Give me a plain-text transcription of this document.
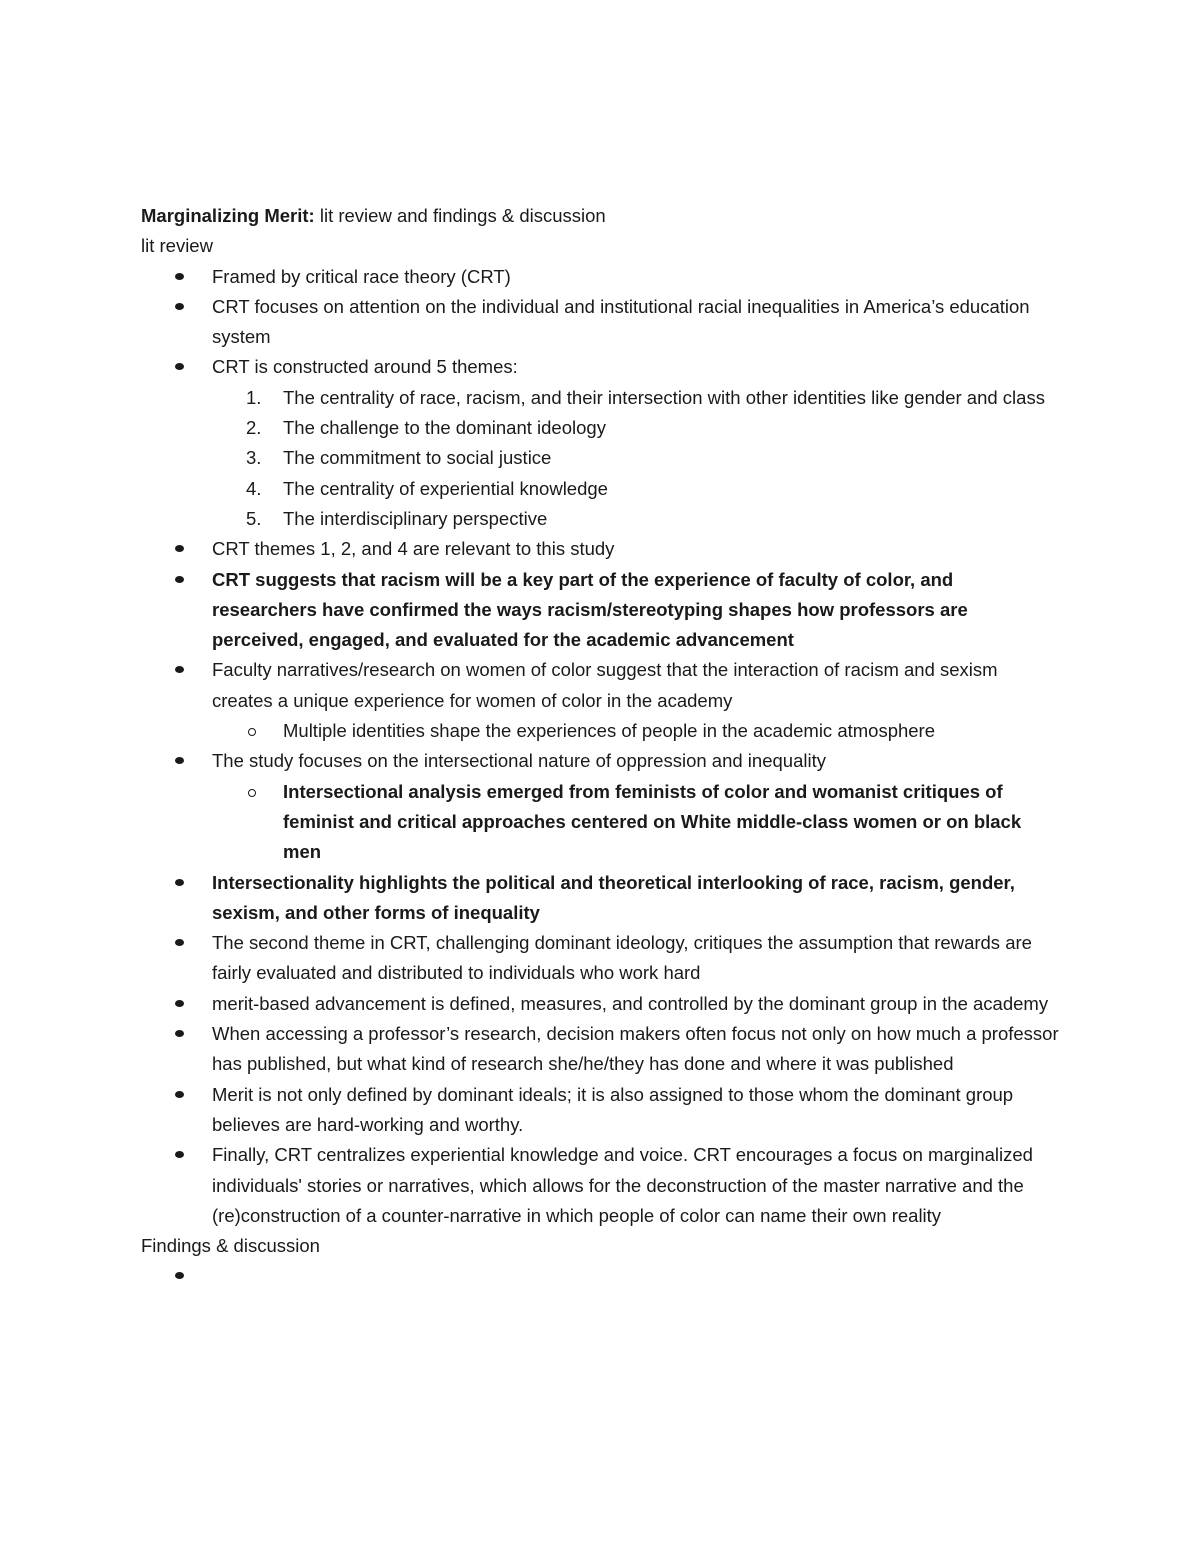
Marginalizing Merit: lit review and findings & discussion

lit review

Framed by critical race theory (CRT)
CRT focuses on attention on the individual and institutional racial inequalities in America’s education system
CRT is constructed around 5 themes:
1. The centrality of race, racism, and their intersection with other identities like gender and class
2. The challenge to the dominant ideology
3. The commitment to social justice
4. The centrality of experiential knowledge
5. The interdisciplinary perspective
CRT themes 1, 2, and 4 are relevant to this study
CRT suggests that racism will be a key part of the experience of faculty of color, and researchers have confirmed the ways racism/stereotyping shapes how professors are perceived, engaged, and evaluated for the academic advancement
Faculty narratives/research on women of color suggest that the interaction of racism and sexism creates a unique experience for women of color in the academy
Multiple identities shape the experiences of people in the academic atmosphere
The study focuses on the intersectional nature of oppression and inequality
Intersectional analysis emerged from feminists of color and womanist critiques of feminist and critical approaches centered on White middle-class women or on black men
Intersectionality highlights the political and theoretical interlooking of race, racism, gender, sexism, and other forms of inequality
The second theme in CRT, challenging dominant ideology, critiques the assumption that rewards are fairly evaluated and distributed to individuals who work hard
merit-based advancement is defined, measures, and controlled by the dominant group in the academy
When accessing a professor’s research, decision makers often focus not only on how much a professor has published, but what kind of research she/he/they has done and where it was published
Merit is not only defined by dominant ideals; it is also assigned to those whom the dominant group believes are hard-working and worthy.
Finally, CRT centralizes experiential knowledge and voice. CRT encourages a focus on marginalized individuals' stories or narratives, which allows for the deconstruction of the master narrative and the (re)construction of a counter-narrative in which people of color can name their own reality

Findings & discussion
